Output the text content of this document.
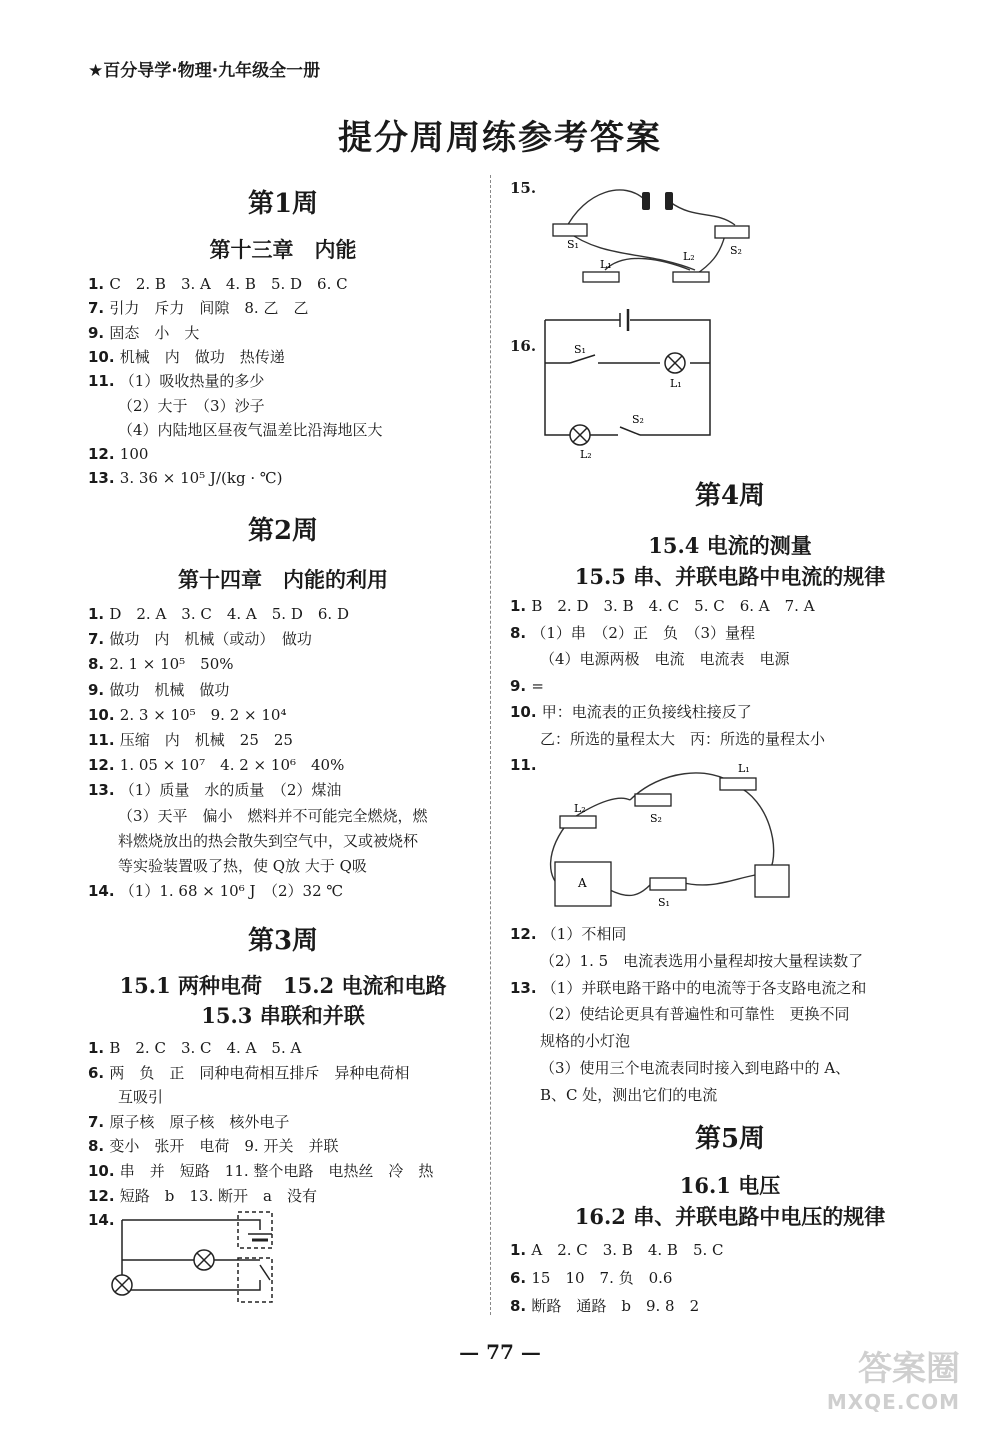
★百分导学·物理·九年级全一册
提分周周练参考答案
第1周
第十三章　内能
1. C　2. B　3. A　4. B　5. D　6. C
7. 引力　斥力　间隙　8. 乙　乙
9. 固态　小　大
10. 机械　内　做功　热传递
11. （1）吸收热量的多少
（2）大于　（3）沙子
（4）内陆地区昼夜气温差比沿海地区大
12. 100
13. 3. 36 × 10⁵ J/(kg · ℃)
第2周
第十四章　内能的利用
1. D　2. A　3. C　4. A　5. D　6. D
7. 做功　内　机械（或动）　做功
8. 2. 1 × 10⁵　50%
9. 做功　机械　做功
10. 2. 3 × 10⁵　9. 2 × 10⁴
11. 压缩　内　机械　25　25
12. 1. 05 × 10⁷　4. 2 × 10⁶　40%
13. （1）质量　水的质量　（2）煤油
（3）天平　偏小　燃料并不可能完全燃烧，燃
料燃烧放出的热会散失到空气中，又或被烧杯
等实验装置吸了热，使 Q放 大于 Q吸
14. （1）1. 68 × 10⁶ J　（2）32 ℃
第3周
15.1 两种电荷　15.2 电流和电路
15.3 串联和并联
1. B　2. C　3. C　4. A　5. A
6. 两　负　正　同种电荷相互排斥　异种电荷相
互吸引
7. 原子核　原子核　核外电子
8. 变小　张开　电荷　9. 开关　并联
10. 串　并　短路　11. 整个电路　电热丝　冷　热
12. 短路　b　13. 断开　a　没有
14.
15.
S₁	S₂
L₁
L₂
16.	S₁
L₁
S₂
L₂
第4周
15.4 电流的测量
15.5 串、并联电路中电流的规律
1. B　2. D　3. B　4. C　5. C　6. A　7. A
8. （1）串　（2）正　负　（3）量程
（4）电源两极　电流　电流表　电源
9. =
10. 甲：电流表的正负接线柱接反了
乙：所选的量程太大　丙：所选的量程太小
11.
A
L₂
S₂
L₁
S₁
12. （1）不相同
（2）1. 5　电流表选用小量程却按大量程读数了
13. （1）并联电路干路中的电流等于各支路电流之和
（2）使结论更具有普遍性和可靠性　更换不同
规格的小灯泡
（3）使用三个电流表同时接入到电路中的 A、
B、C 处，测出它们的电流
第5周
16.1 电压
16.2 串、并联电路中电压的规律
1. A　2. C　3. B　4. B　5. C
6. 15　10　7. 负　0.6
8. 断路　通路　b　9. 8　2
— 77 —	答案圈
MXQE.COM
